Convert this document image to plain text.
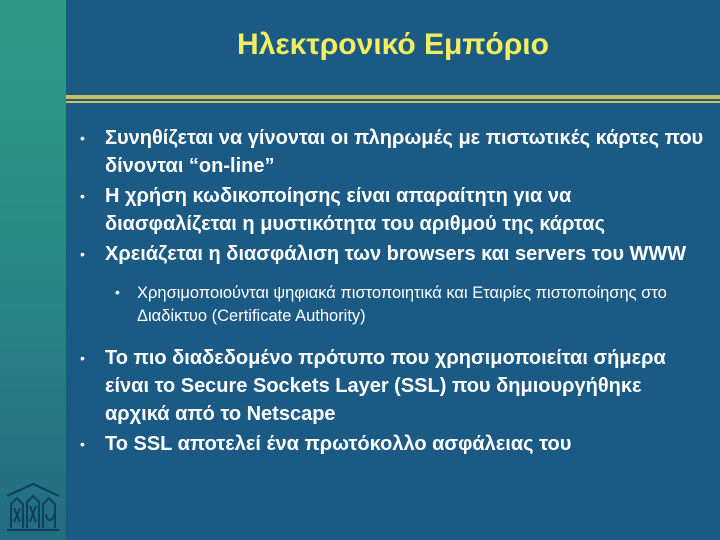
Ηλεκτρονικό Εμπόριο
• Συνηθίζεται να γίνονται οι πληρωμές με πιστωτικές κάρτες που δίνονται “on-line”
• Η χρήση κωδικοποίησης είναι απαραίτητη για να διασφαλίζεται η μυστικότητα του αριθμού της κάρτας
• Χρειάζεται η διασφάλιση των browsers και servers του WWW
• Χρησιμοποιούνται ψηφιακά πιστοποιητικά και Εταιρίες πιστοποίησης στο Διαδίκτυο (Certificate Authority)
• Το πιο διαδεδομένο πρότυπο που χρησιμοποιείται σήμερα είναι το Secure Sockets Layer (SSL) που δημιουργήθηκε αρχικά από το Netscape
• Το SSL αποτελεί ένα πρωτόκολλο ασφάλειας του
